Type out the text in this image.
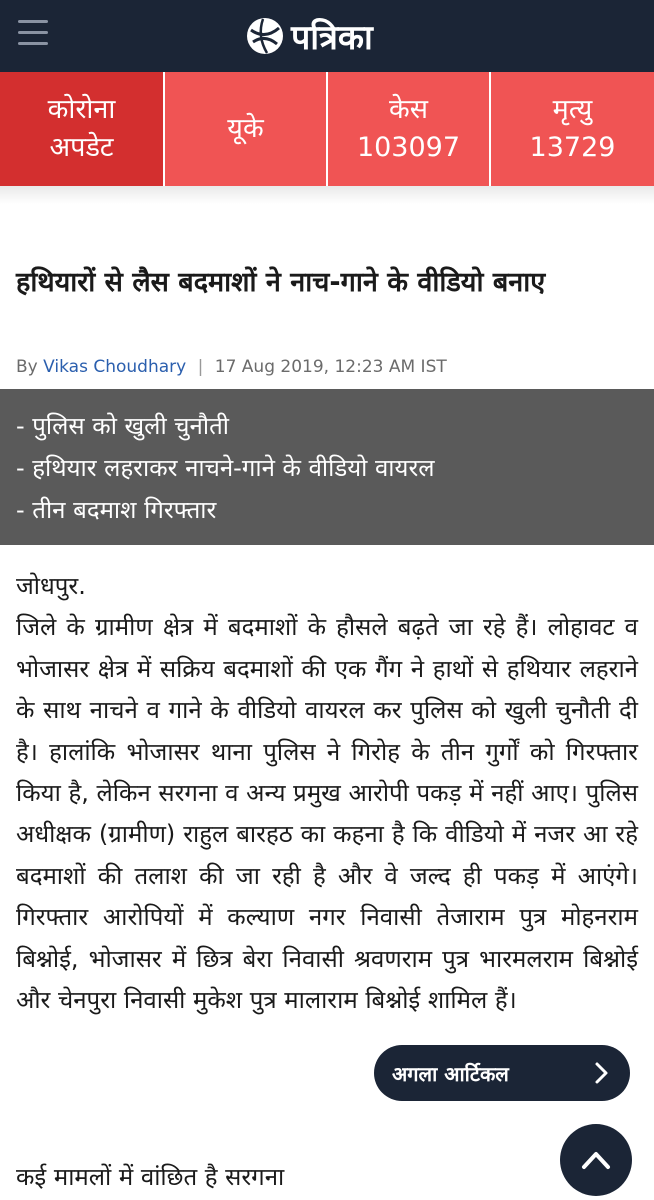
पत्रिका
कोरोना
अपडेट
यूके
केस
103097
मृत्यु
13729
हथियारों से लैस बदमाशों ने नाच-गाने के वीडियो बनाए
By Vikas Choudhary | 17 Aug 2019, 12:23 AM IST
- पुलिस को खुली चुनौती
- हथियार लहराकर नाचने-गाने के वीडियो वायरल
- तीन बदमाश गिरफ्तार
जोधपुर.

जिले के ग्रामीण क्षेत्र में बदमाशों के हौसले बढ़ते जा रहे हैं। लोहावट व भोजासर क्षेत्र में सक्रिय बदमाशों की एक गैंग ने हाथों से हथियार लहराने के साथ नाचने व गाने के वीडियो वायरल कर पुलिस को खुली चुनौती दी है। हालांकि भोजासर थाना पुलिस ने गिरोह के तीन गुर्गों को गिरफ्तार किया है, लेकिन सरगना व अन्य प्रमुख आरोपी पकड़ में नहीं आए। पुलिस अधीक्षक (ग्रामीण) राहुल बारहठ का कहना है कि वीडियो में नजर आ रहे बदमाशों की तलाश की जा रही है और वे जल्द ही पकड़ में आएंगे। गिरफ्तार आरोपियों में कल्याण नगर निवासी तेजाराम पुत्र मोहनराम बिश्नोई, भोजासर में छित्र बेरा निवासी श्रवणराम पुत्र भारमलराम बिश्नोई और चेनपुरा निवासी मुकेश पुत्र मालाराम बिश्नोई शामिल हैं।

कई मामलों में वांछित है सरगना
अगला आर्टिकल
